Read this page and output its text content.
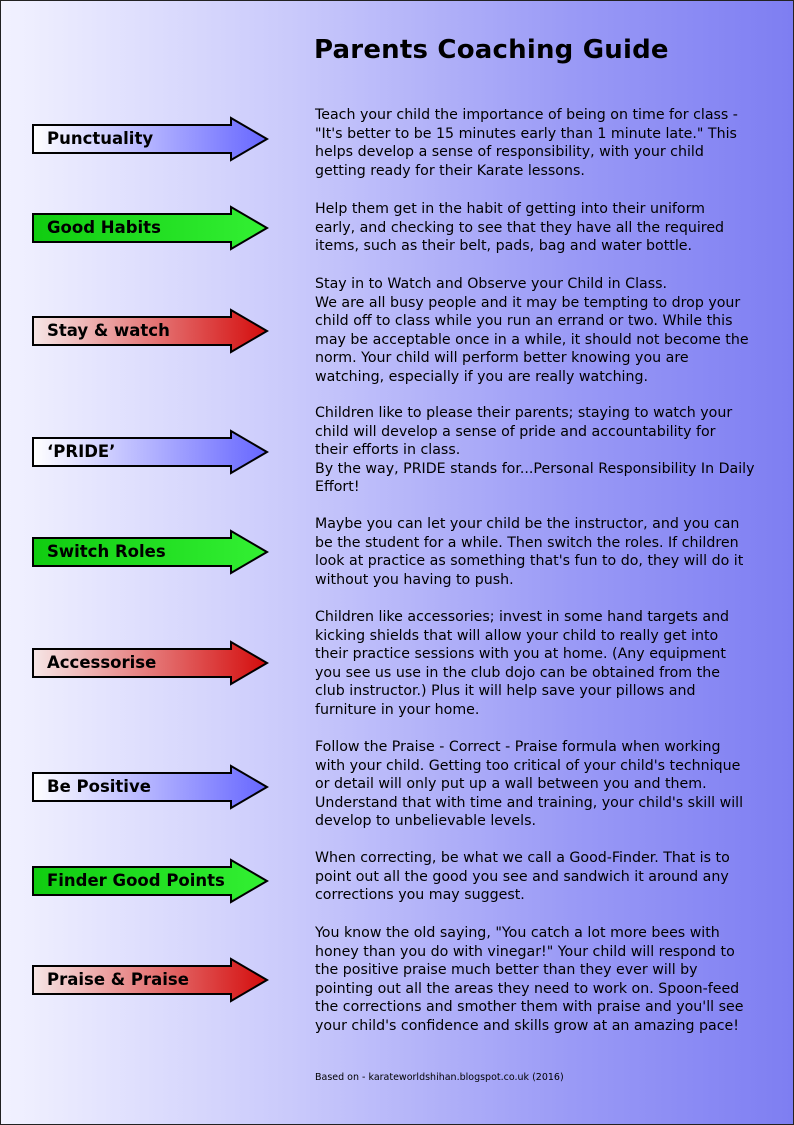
Parents Coaching Guide
Punctuality

Teach your child the importance of being on time for class -
"It's better to be 15 minutes early than 1 minute late." This
helps develop a sense of responsibility, with your child
getting ready for their Karate lessons.

Good Habits

Help them get in the habit of getting into their uniform
early, and checking to see that they have all the required
items, such as their belt, pads, bag and water bottle.

Stay & watch

Stay in to Watch and Observe your Child in Class.
We are all busy people and it may be tempting to drop your
child off to class while you run an errand or two. While this
may be acceptable once in a while, it should not become the
norm. Your child will perform better knowing you are
watching, especially if you are really watching.

‘PRIDE’

Children like to please their parents; staying to watch your
child will develop a sense of pride and accountability for
their efforts in class.
By the way, PRIDE stands for...Personal Responsibility In Daily
Effort!

Switch Roles

Maybe you can let your child be the instructor, and you can
be the student for a while. Then switch the roles. If children
look at practice as something that's fun to do, they will do it
without you having to push.

Accessorise

Children like accessories; invest in some hand targets and
kicking shields that will allow your child to really get into
their practice sessions with you at home. (Any equipment
you see us use in the club dojo can be obtained from the
club instructor.) Plus it will help save your pillows and
furniture in your home.

Be Positive

Follow the Praise - Correct - Praise formula when working
with your child. Getting too critical of your child's technique
or detail will only put up a wall between you and them.
Understand that with time and training, your child's skill will
develop to unbelievable levels.

Finder Good Points

When correcting, be what we call a Good-Finder. That is to
point out all the good you see and sandwich it around any
corrections you may suggest.

Praise & Praise

You know the old saying, "You catch a lot more bees with
honey than you do with vinegar!" Your child will respond to
the positive praise much better than they ever will by
pointing out all the areas they need to work on. Spoon-feed
the corrections and smother them with praise and you'll see
your child's confidence and skills grow at an amazing pace!

Based on - karateworldshihan.blogspot.co.uk (2016)
